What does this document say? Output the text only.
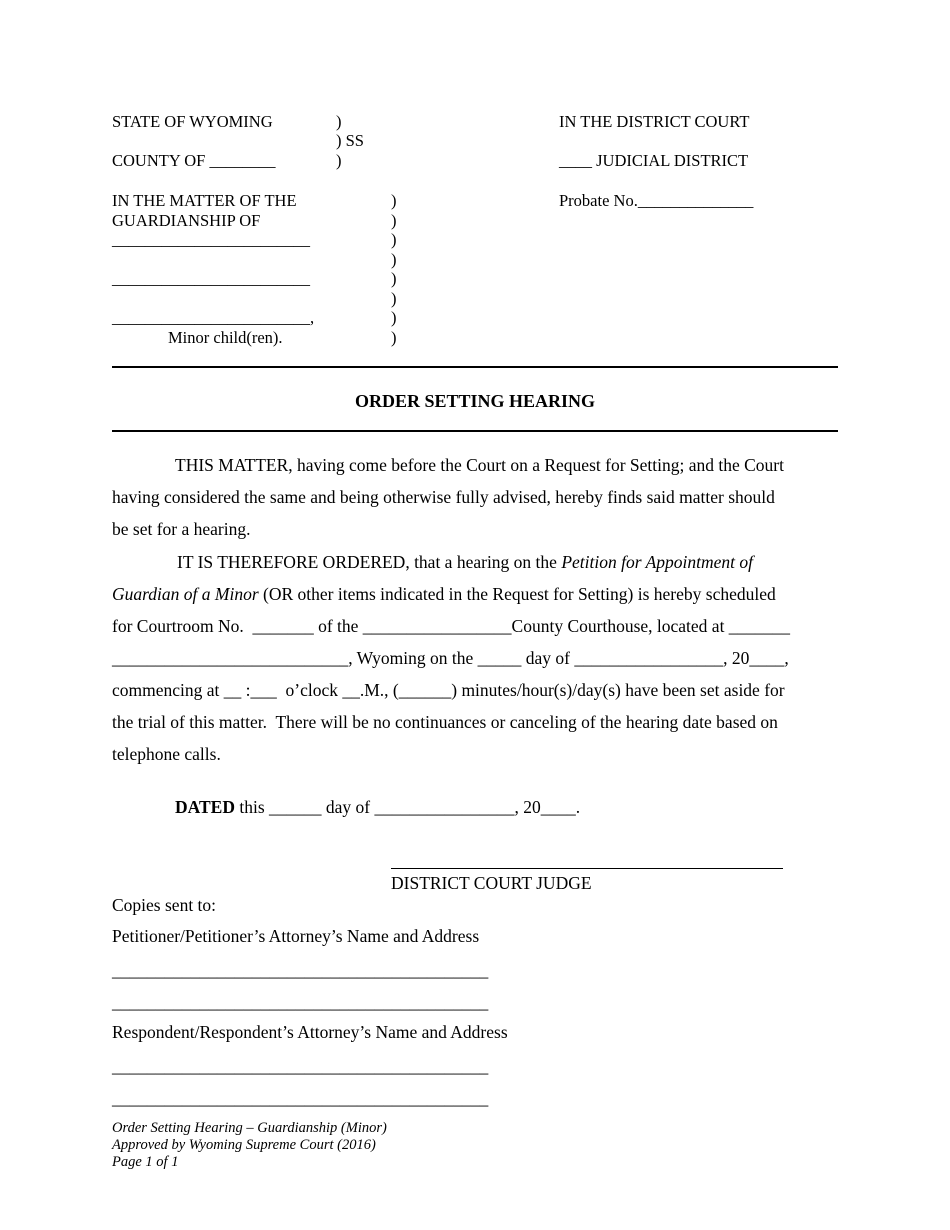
STATE OF WYOMING
COUNTY OF ________
IN THE MATTER OF THE
GUARDIANSHIP OF
________________________
________________________
________________________,
Minor child(ren).
)
) SS
)
)
)
)
)
)
)
)
)
IN THE DISTRICT COURT
____ JUDICIAL DISTRICT
Probate No.______________
ORDER SETTING HEARING
THIS MATTER, having come before the Court on a Request for Setting; and the Court
having considered the same and being otherwise fully advised, hereby finds said matter should
be set for a hearing.
IT IS THEREFORE ORDERED, that a hearing on the Petition for Appointment of
Guardian of a Minor (OR other items indicated in the Request for Setting) is hereby scheduled
for Courtroom No.  _______ of the _________________County Courthouse, located at _______
___________________________, Wyoming on the _____ day of _________________, 20____,
commencing at __ :___  o’clock __.M., (______) minutes/hour(s)/day(s) have been set aside for
the trial of this matter.  There will be no continuances or canceling of the hearing date based on
telephone calls.
DATED this ______ day of ________________, 20____.
DISTRICT COURT JUDGE
Copies sent to:
Petitioner/Petitioner’s Attorney’s Name and Address
___________________________________________
___________________________________________
Respondent/Respondent’s Attorney’s Name and Address
___________________________________________
___________________________________________
Order Setting Hearing – Guardianship (Minor)
Approved by Wyoming Supreme Court (2016)
Page 1 of 1
